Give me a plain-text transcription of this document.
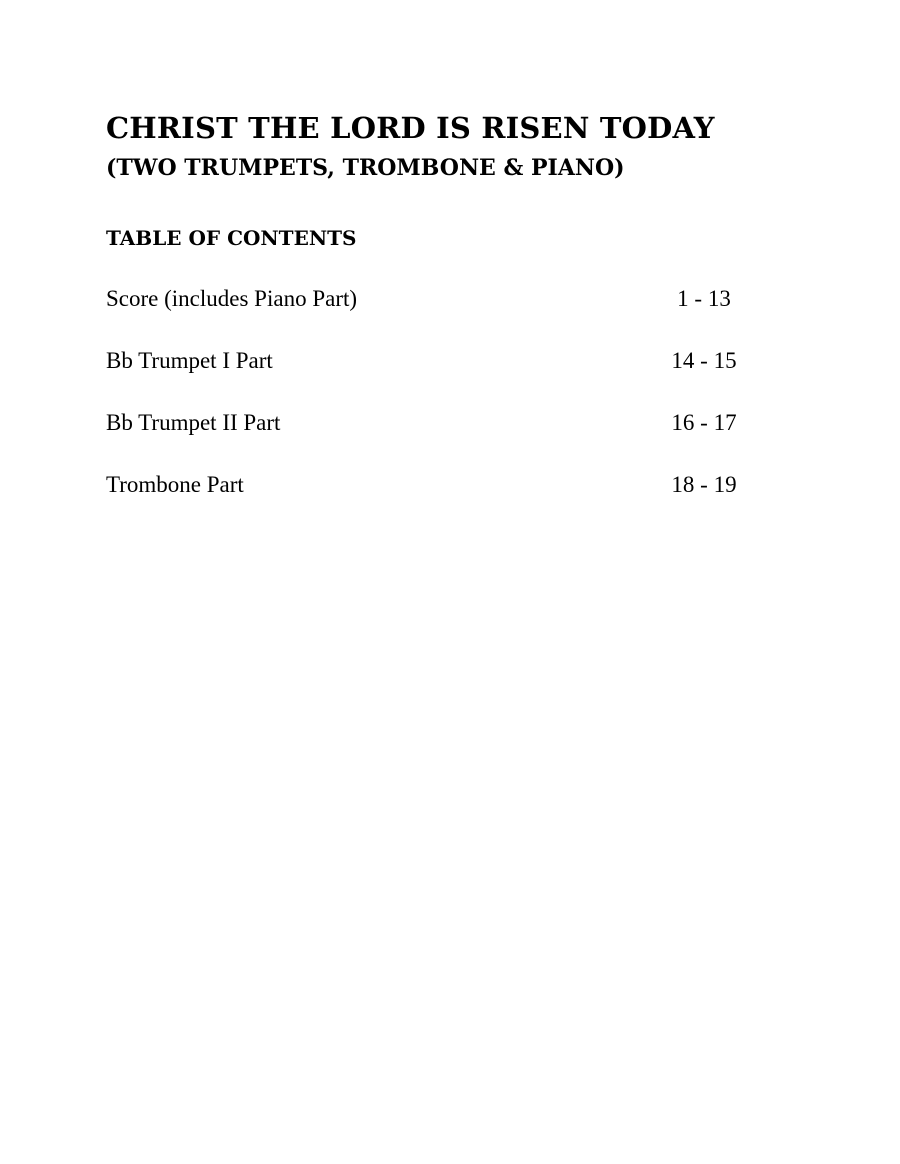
CHRIST THE LORD IS RISEN TODAY
(TWO TRUMPETS, TROMBONE & PIANO)
TABLE OF CONTENTS
Score (includes Piano Part)	1 - 13
Bb Trumpet I Part	14 - 15
Bb Trumpet II Part	16 - 17
Trombone Part	18 - 19
